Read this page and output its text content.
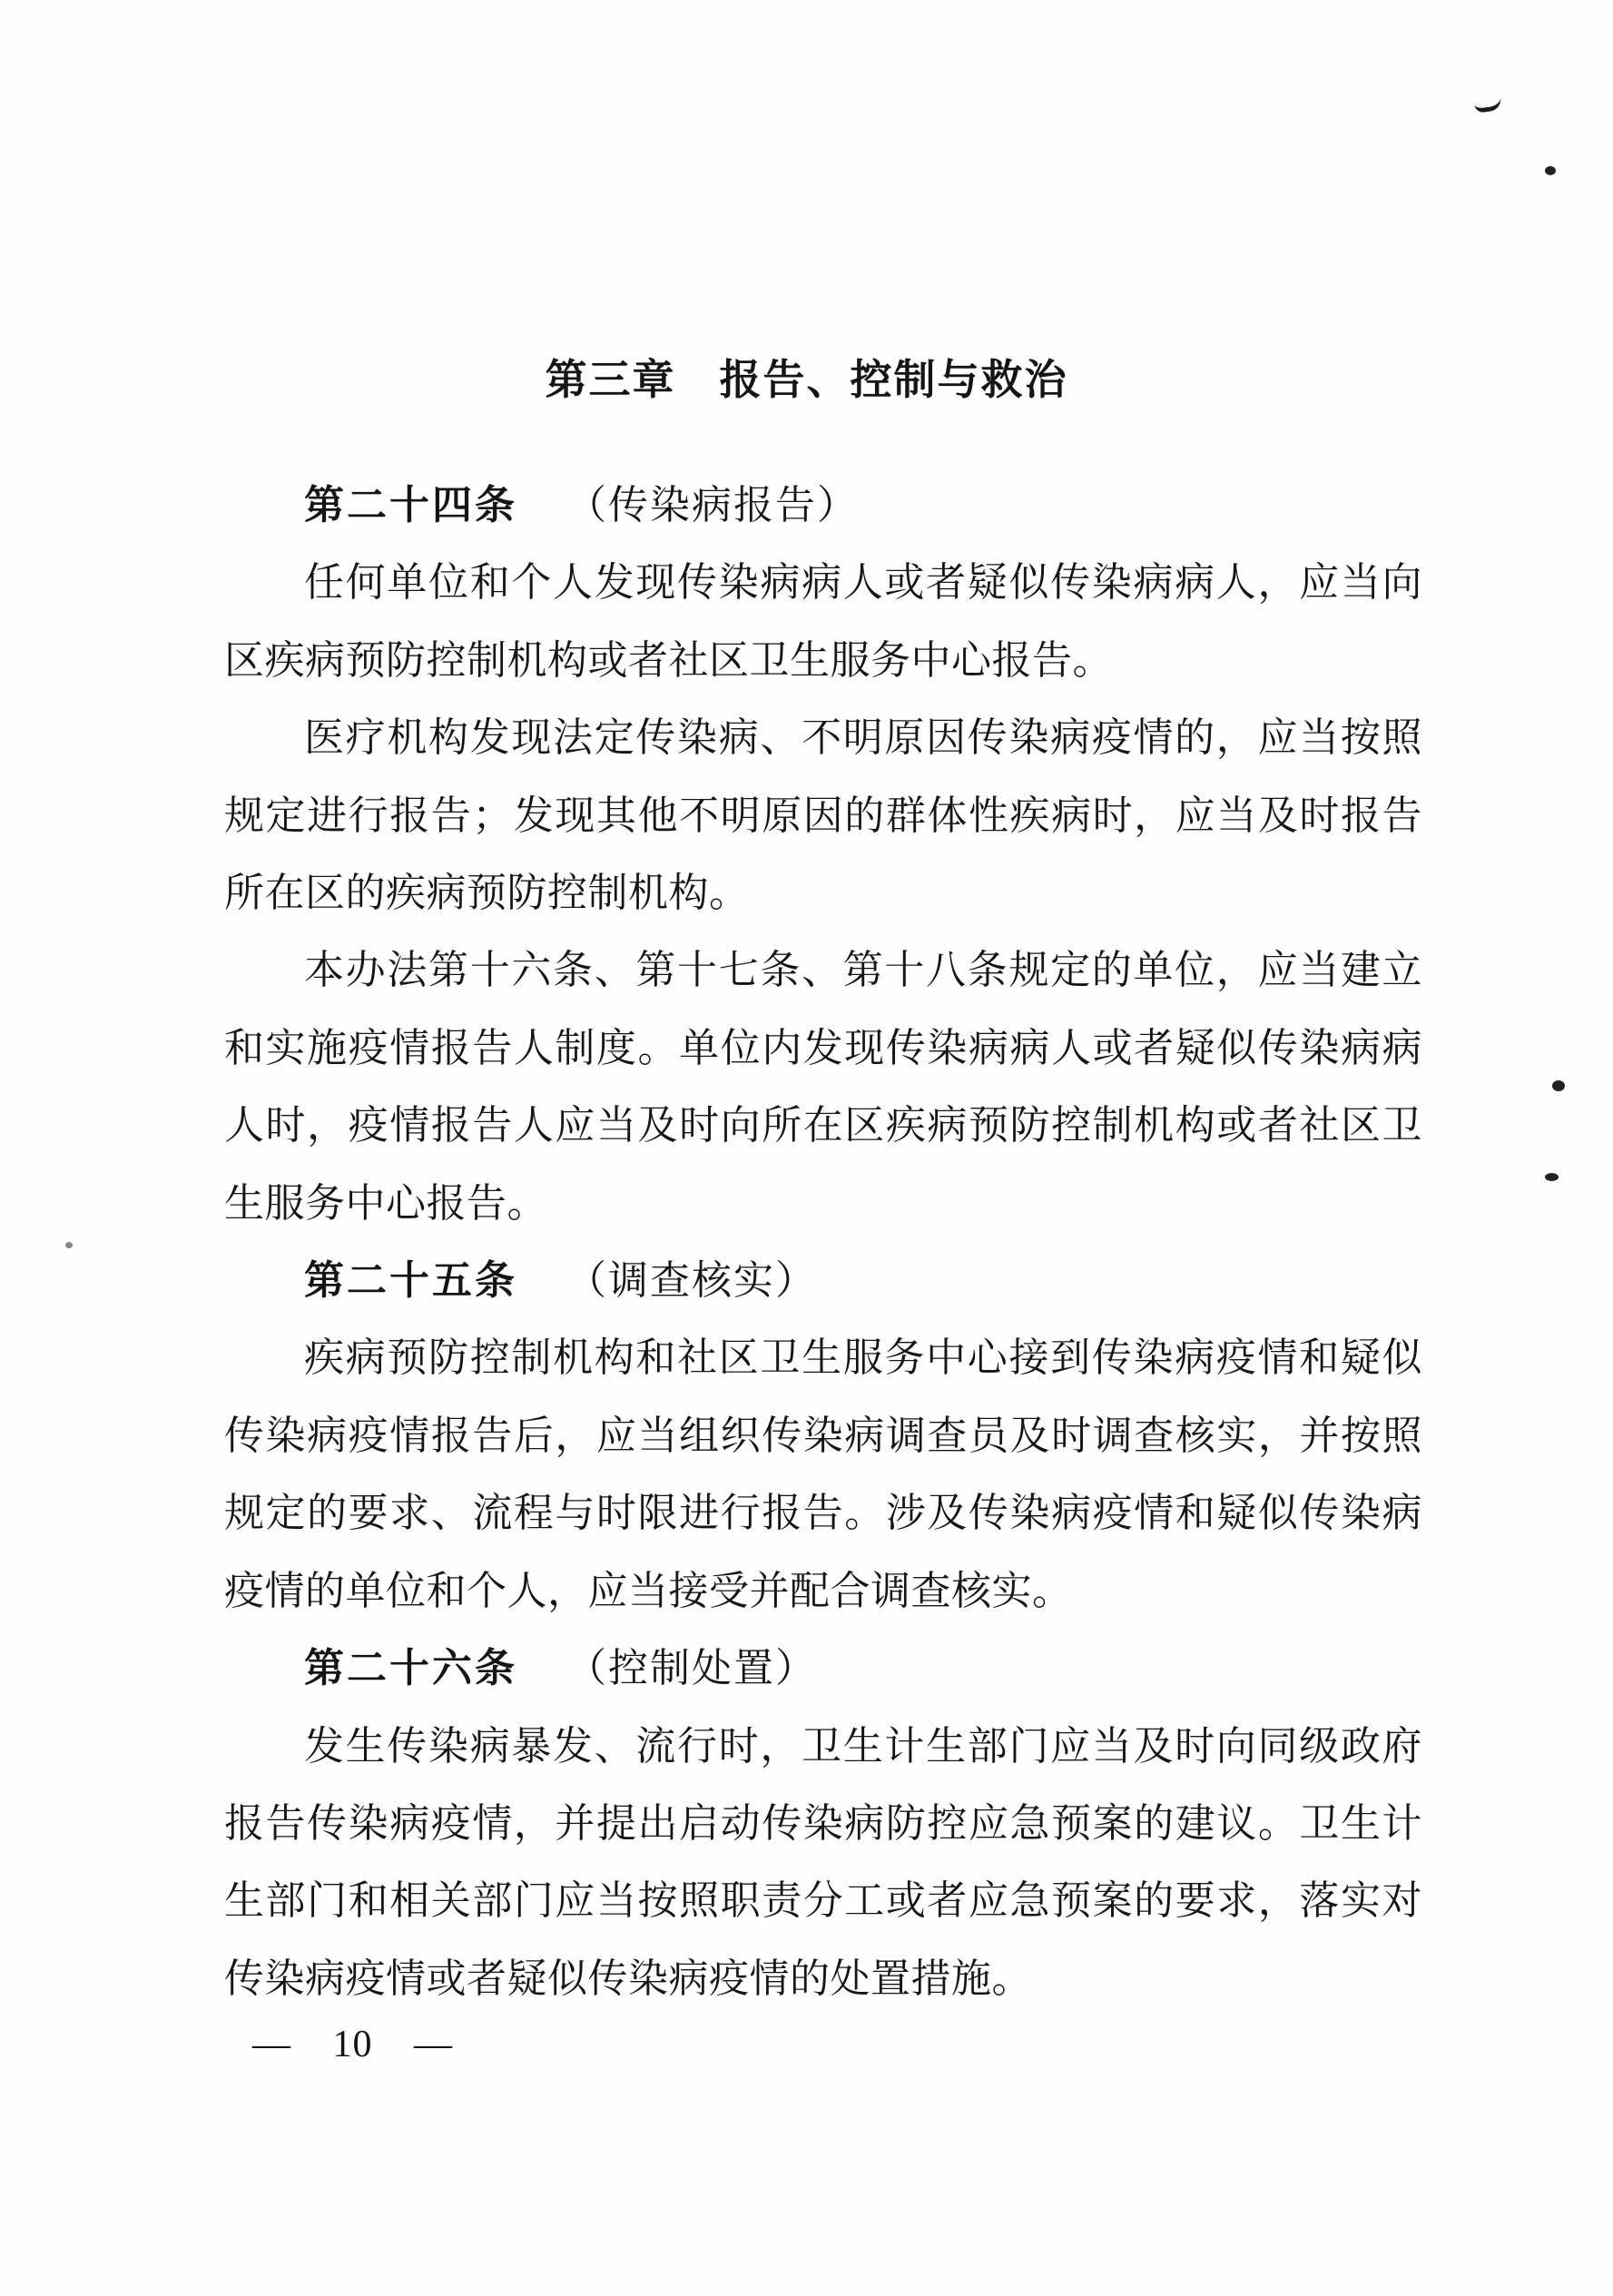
第三章　报告、控制与救治

第二十四条 （传染病报告）

任何单位和个人发现传染病病人或者疑似传染病病人，应当向区疾病预防控制机构或者社区卫生服务中心报告。

医疗机构发现法定传染病、不明原因传染病疫情的，应当按照规定进行报告；发现其他不明原因的群体性疾病时，应当及时报告所在区的疾病预防控制机构。

本办法第十六条、第十七条、第十八条规定的单位，应当建立和实施疫情报告人制度。单位内发现传染病病人或者疑似传染病病人时，疫情报告人应当及时向所在区疾病预防控制机构或者社区卫生服务中心报告。

第二十五条 （调查核实）

疾病预防控制机构和社区卫生服务中心接到传染病疫情和疑似传染病疫情报告后，应当组织传染病调查员及时调查核实，并按照规定的要求、流程与时限进行报告。涉及传染病疫情和疑似传染病疫情的单位和个人，应当接受并配合调查核实。

第二十六条 （控制处置）

发生传染病暴发、流行时，卫生计生部门应当及时向同级政府报告传染病疫情，并提出启动传染病防控应急预案的建议。卫生计生部门和相关部门应当按照职责分工或者应急预案的要求，落实对传染病疫情或者疑似传染病疫情的处置措施。

— 10 —
